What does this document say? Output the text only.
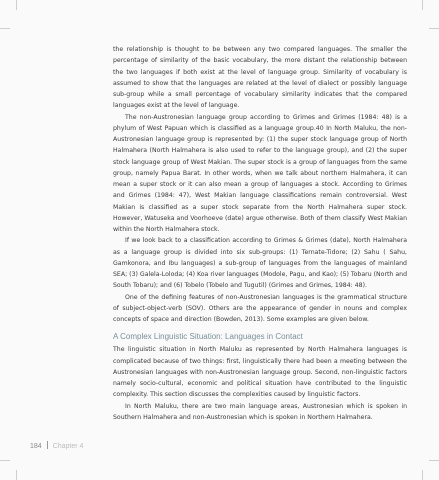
the relationship is thought to be between any two compared languages. The smaller the percentage of similarity of the basic vocabulary, the more distant the relationship between the two languages if both exist at the level of language group. Similarity of vocabulary is assumed to show that the languages are related at the level of dialect or possibly language sub-group while a small percentage of vocabulary similarity indicates that the compared languages exist at the level of language.

The non-Austronesian language group according to Grimes and Grimes (1984: 48) is a phylum of West Papuan which is classified as a language group.40 In North Maluku, the non-Austronesian language group is represented by: (1) the super stock language group of North Halmahera (North Halmahera is also used to refer to the language group), and (2) the super stock language group of West Makian. The super stock is a group of languages from the same group, namely Papua Barat. In other words, when we talk about northern Halmahera, it can mean a super stock or it can also mean a group of languages a stock. According to Grimes and Grimes (1984: 47), West Makian language classifications remain controversial. West Makian is classified as a super stock separate from the North Halmahera super stock. However, Watuseka and Voorhoeve (date) argue otherwise. Both of them classify West Makian within the North Halmahera stock.

If we look back to a classification according to Grimes & Grimes (date), North Halmahera as a language group is divided into six sub-groups: (1) Ternate-Tidore; (2) Sahu ( Sahu, Gamkonora, and Ibu languages) a sub-group of languages from the languages of mainland SEA; (3) Galela-Loloda; (4) Koa river languages (Modole, Pagu, and Kao); (5) Tobaru (North and South Tobaru); and (6) Tobelo (Tobelo and Tugutil) (Grimes and Grimes, 1984: 48).

One of the defining features of non-Austronesian languages is the grammatical structure of subject-object-verb (SOV). Others are the appearance of gender in nouns and complex concepts of space and direction (Bowden, 2013). Some examples are given below.

A Complex Linguistic Situation: Languages in Contact

The linguistic situation in North Maluku as represented by North Halmahera languages is complicated because of two things: first, linguistically there had been a meeting between the Austronesian languages with non-Austronesian language group. Second, non-linguistic factors namely socio-cultural, economic and political situation have contributed to the linguistic complexity. This section discusses the complexities caused by linguistic factors.

In North Maluku, there are two main language areas, Austronesian which is spoken in Southern Halmahera and non-Austronesian which is spoken in Northern Halmahera.

184 Chapter 4
